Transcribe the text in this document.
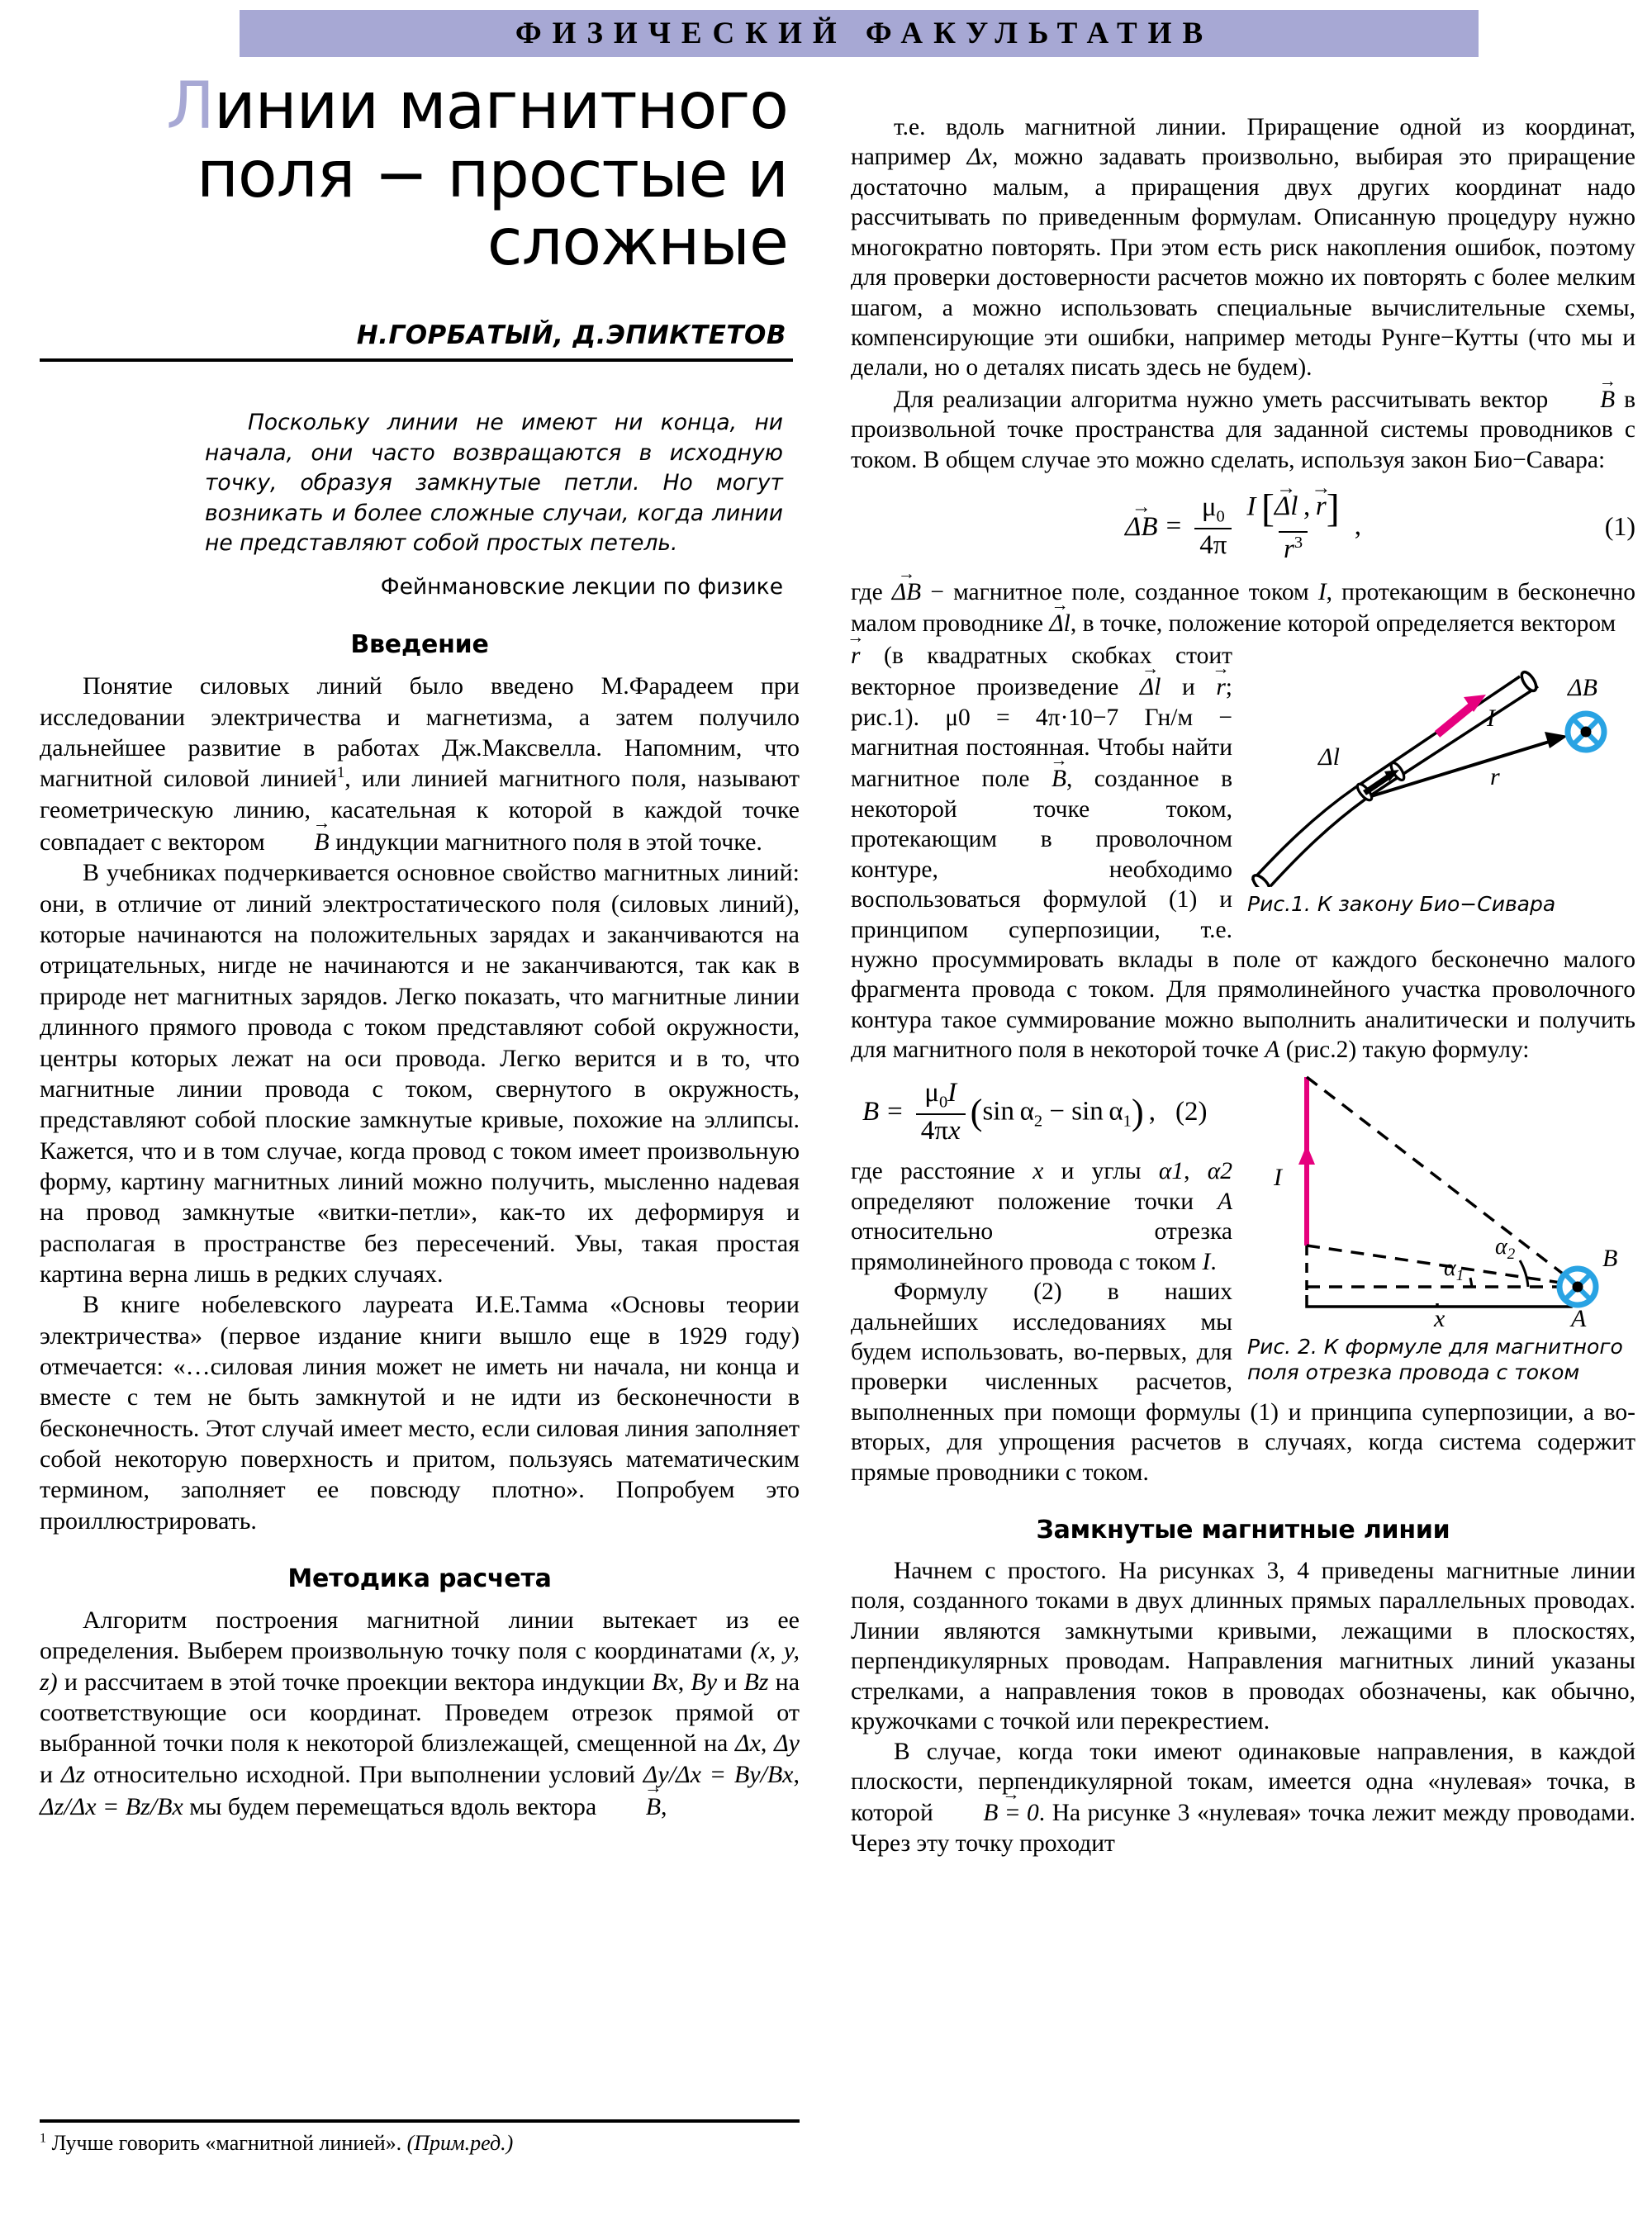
ФИЗИЧЕСКИЙ ФАКУЛЬТАТИВ
Линии магнитного
поля − простые и
сложные
Н.ГОРБАТЫЙ, Д.ЭПИКТЕТОВ

Поскольку линии не имеют ни конца, ни начала, они часто возвращаются в исходную точку, образуя замкнутые петли. Но могут возникать и более сложные случаи, когда линии не представляют собой простых петель.

Фейнмановские лекции по физике

Введение

Понятие силовых линий было введено М.Фарадеем при исследовании электричества и магнетизма, а затем получило дальнейшее развитие в работах Дж.Максвелла. Напомним, что магнитной силовой линией$^1$, или линией магнитного поля, называют геометрическую линию, касательная к которой в каждой точке совпадает с вектором B → индукции магнитного поля в этой точке.

В учебниках подчеркивается основное свойство магнитных линий: они, в отличие от линий электростатического поля (силовых линий), которые начинаются на положительных зарядах и заканчиваются на отрицательных, нигде не начинаются и не заканчиваются, так как в природе нет магнитных зарядов. Легко показать, что магнитные линии длинного прямого провода с током представляют собой окружности, центры которых лежат на оси провода. Легко верится и в то, что магнитные линии провода с током, свернутого в окружность, представляют собой плоские замкнутые кривые, похожие на эллипсы. Кажется, что и в том случае, когда провод с током имеет произвольную форму, картину магнитных линий можно получить, мысленно надевая на провод замкнутые «витки-петли», как-то их деформируя и располагая в пространстве без пересечений. Увы, такая простая картина верна лишь в редких случаях.

В книге нобелевского лауреата И.Е.Тамма «Основы теории электричества» (первое издание книги вышло еще в 1929 году) отмечается: «…силовая линия может не иметь ни начала, ни конца и вместе с тем не быть замкнутой и не идти из бесконечности в бесконечность. Этот случай имеет место, если силовая линия заполняет собой некоторую поверхность и притом, пользуясь математическим термином, заполняет ее повсюду плотно». Попробуем это проиллюстрировать.

Методика расчета

Алгоритм построения магнитной линии вытекает из ее определения. Выберем произвольную точку поля с координатами (x, y, z) и рассчитаем в этой точке проекции вектора индукции Bx, By и Bz на соответствующие оси координат. Проведем отрезок прямой от выбранной точки поля к некоторой близлежащей, смещенной на Δx, Δy и Δz относительно исходной. При выполнении условий Δy/Δx = By/Bx, Δz/Δx = Bz/Bx мы будем перемещаться вдоль вектора B →,

$^1$ Лучше говорить «магнитной линией». (Прим.ред.)

т.е. вдоль магнитной линии. Приращение одной из координат, например Δx, можно задавать произвольно, выбирая это приращение достаточно малым, а приращения двух других координат надо рассчитывать по приведенным формулам. Описанную процедуру нужно многократно повторять. При этом есть риск накопления ошибок, поэтому для проверки достоверности расчетов можно их повторять с более мелким шагом, а можно использовать специальные вычислительные схемы, компенсирующие эти ошибки, например методы Рунге−Кутты (что мы и делали, но о деталях писать здесь не будем).

Для реализации алгоритма нужно уметь рассчитывать вектор B → в произвольной точке пространства для заданной системы проводников с током. В общем случае это можно сделать, используя закон Био−Савара:

ΔB → = $\frac{\mu_0}{4\pi} \frac{I [\Delta l \to , r \to]}{r^3}$ ,	(1)

где ΔB → − магнитное поле, созданное током I, протекающим в бесконечно малом проводнике Δl →, в точке, положение которой определяется вектором

I
Δl
r
ΔB
Рис.1. К закону Био−Сивара

r → (в квадратных скобках стоит векторное произведение Δl → и r →; рис.1). μ0 = 4π·10−7 Гн/м − магнитная постоянная. Чтобы найти магнитное поле B →, созданное в некоторой точке током, протекающим в проволочном контуре, необходимо воспользоваться формулой (1) и принципом суперпозиции, т.е. нужно просуммировать вклады в поле от каждого бесконечно малого фрагмента провода с током. Для прямолинейного участка проволочного контура такое суммирование можно выполнить аналитически и получить для магнитного поля в некоторой точке A (рис.2) такую формулу:

I
x	A
B
$\alpha_1$
$\alpha_2$
Рис. 2. К формуле для магнитного поля отрезка провода с током
$B = \frac{\mu_0I}{4\pi x} (\sin$ $\alpha_2 - \sin \alpha_1$) , (2)

где расстояние x и углы α1, α2 определяют положение точки A относительно отрезка прямолинейного провода с током I.

Формулу (2) в наших дальнейших исследованиях мы будем использовать, во-первых, для проверки численных расчетов, выполненных при помощи формулы (1) и принципа суперпозиции, а во-вторых, для упрощения расчетов в случаях, когда система содержит прямые проводники с током.

Замкнутые магнитные линии

Начнем с простого. На рисунках 3, 4 приведены магнитные линии поля, созданного токами в двух длинных прямых параллельных проводах. Линии являются замкнутыми кривыми, лежащими в плоскостях, перпендикулярных проводам. Направления магнитных линий указаны стрелками, а направления токов в проводах обозначены, как обычно, кружочками с точкой или перекрестием.

В случае, когда токи имеют одинаковые направления, в каждой плоскости, перпендикулярной токам, имеется одна «нулевая» точка, в которой B = 0 →. На рисунке 3 «нулевая» точка лежит между проводами. Через эту точку проходит
